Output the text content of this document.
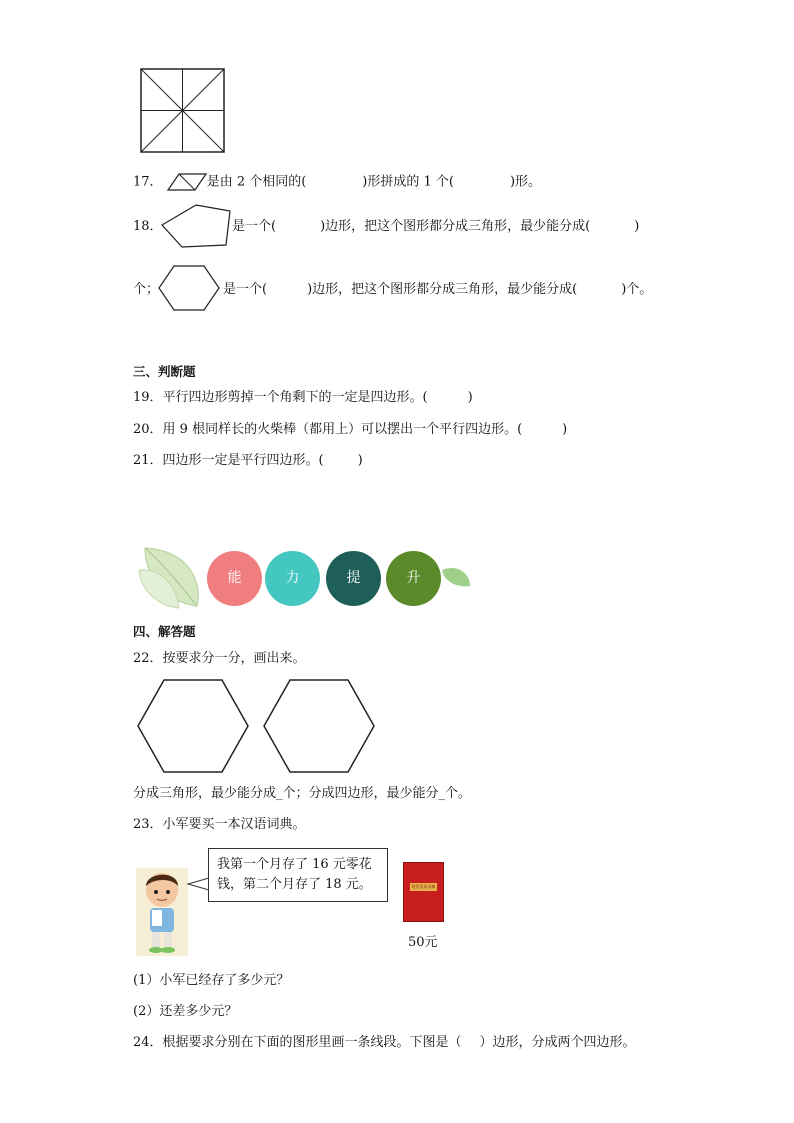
17．	是由 2 个相同的(	)形拼成的 1 个(	)形。
18．	是一个(	)边形，把这个图形都分成三角形，最少能分成(	)
个；	是一个(	)边形，把这个图形都分成三角形，最少能分成(	)个。
三、判断题
19．平行四边形剪掉一个角剩下的一定是四边形。(	)
20．用 9 根同样长的火柴棒（都用上）可以摆出一个平行四边形。(	)
21．四边形一定是平行四边形。(	)
能	力	提	升
四、解答题
22．按要求分一分，画出来。
分成三角形，最少能分成_个；分成四边形，最少能分_个。
23．小军要买一本汉语词典。
我第一个月存了 16 元零花
钱，第二个月存了 18 元。	现代汉语词典
50元
(1）小军已经存了多少元？
(2）还差多少元？
24．根据要求分别在下面的图形里画一条线段。下图是（ ）边形，分成两个四边形。
